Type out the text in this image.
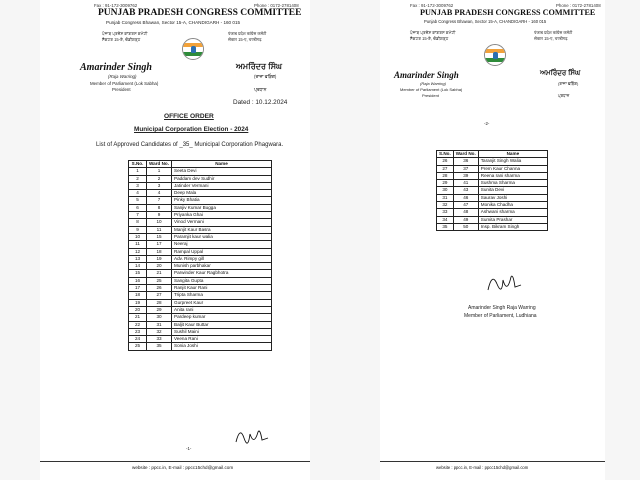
Fax : 91-172-3009762	Phone : 0172-2781408
PUNJAB PRADESH CONGRESS COMMITTEE
Punjab Congress Bhawan, Sector 15-A, CHANDIGARH - 160 015
ਪੰਜਾਬ ਪ੍ਰਦੇਸ਼ ਕਾਂਗਰਸ ਕਮੇਟੀ
ਸੈਕਟਰ 15-ਏ, ਚੰਡੀਗੜ੍ਹ
पंजाब प्रदेश कांग्रेस कमेटी
सेक्टर 15-ए, चण्डीगढ़
Amarinder Singh
(Raja Warring)
Member of Parliament (Lok Sabha)
President
ਅਮਰਿੰਦਰ ਸਿੰਘ
(ਰਾਜਾ ਵੜਿੰਗ)
ਪ੍ਰਧਾਨ
Dated : 10.12.2024
OFFICE ORDER
Municipal Corporation Election - 2024
List of Approved Candidates of _35_ Municipal Corporation Phagwara.
S.No.	Ward No.	Name
1	1	Seeta Devi
2	2	Paddam dev Sudhir
3	3	Jatinder Vermani
4	4	Deep Mala
5	7	Pinky Bhatia
6	8	Sanjiv Kumar Bugga
7	9	Priyanka Ghai
8	10	Vinod Vermani
9	11	Manjit Kaur Basra
10	15	Paramjit kaur walia
11	17	Neeraj
12	18	Rampal Uppal
13	19	Adv. Rimpy gill
14	20	Munish parbhakar
15	21	Parwinder Kaur Ragbhotra
16	25	Sangita Gupta
17	26	Ranjit Kaur Rani
18	27	Tripta Sharma
19	28	Gurpreet Kaur
20	29	Anita rani
21	30	Pardeep kumar
22	31	Baljit Kaur Buttar
23	32	Sushil Maini
24	33	Veena Rani
25	35	Sonia Joshi
-1-
website : ppcc.in, E-mail : ppcc15chd@gmail.com
Fax : 91-172-3009762	Phone : 0172-2781408
PUNJAB PRADESH CONGRESS COMMITTEE
Punjab Congress Bhawan, Sector 15-A, CHANDIGARH - 160 015
ਪੰਜਾਬ ਪ੍ਰਦੇਸ਼ ਕਾਂਗਰਸ ਕਮੇਟੀ
ਸੈਕਟਰ 15-ਏ, ਚੰਡੀਗੜ੍ਹ
पंजाब प्रदेश कांग्रेस कमेटी
सेक्टर 15-ए, चण्डीगढ़
Amarinder Singh
(Raja Warring)
Member of Parliament (Lok Sabha)
President
ਅਮਰਿੰਦਰ ਸਿੰਘ
(ਰਾਜਾ ਵੜਿੰਗ)
ਪ੍ਰਧਾਨ
-2-
S.No.	Ward No.	Name
26	36	Taranjit Singh Walia
27	37	Prem Kaur Channa
28	39	Reena rani sharma
29	41	Sushma Sharma
30	43	Sunita Devi
31	46	Saurav Joshi
32	47	Monika Chadha
33	48	Ashwani sharma
34	49	Sumita Prashar
35	50	Insp. Bikram Singh
Amarinder Singh Raja Warring
Member of Parliament, Ludhiana
website : ppcc.in, E-mail : ppcc15chd@gmail.com
